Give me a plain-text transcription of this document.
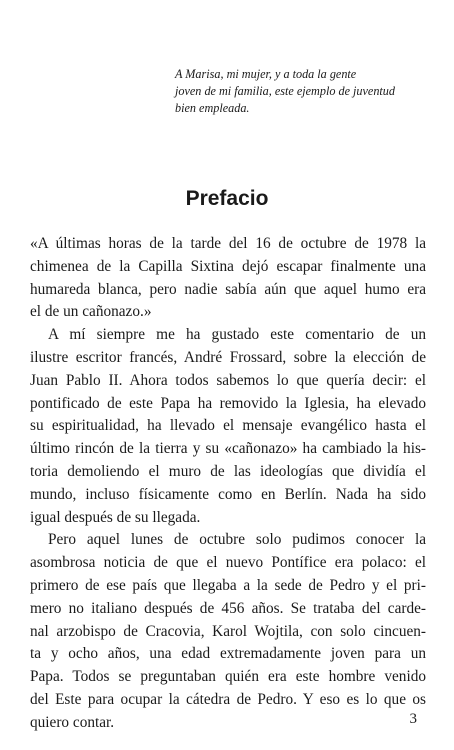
A Marisa, mi mujer, y a toda la gente
joven de mi familia, este ejemplo de juventud
bien empleada.
Prefacio
«A últimas horas de la tarde del 16 de octubre de 1978 la
chimenea de la Capilla Sixtina dejó escapar finalmente una
humareda blanca, pero nadie sabía aún que aquel humo era
el de un cañonazo.»
A mí siempre me ha gustado este comentario de un
ilustre escritor francés, André Frossard, sobre la elección de
Juan Pablo II. Ahora todos sabemos lo que quería decir: el
pontificado de este Papa ha removido la Iglesia, ha elevado
su espiritualidad, ha llevado el mensaje evangélico hasta el
último rincón de la tierra y su «cañonazo» ha cambiado la his-
toria demoliendo el muro de las ideologías que dividía el
mundo, incluso físicamente como en Berlín. Nada ha sido
igual después de su llegada.
Pero aquel lunes de octubre solo pudimos conocer la
asombrosa noticia de que el nuevo Pontífice era polaco: el
primero de ese país que llegaba a la sede de Pedro y el pri-
mero no italiano después de 456 años. Se trataba del carde-
nal arzobispo de Cracovia, Karol Wojtila, con solo cincuen-
ta y ocho años, una edad extremadamente joven para un
Papa. Todos se preguntaban quién era este hombre venido
del Este para ocupar la cátedra de Pedro. Y eso es lo que os
quiero contar.	3
